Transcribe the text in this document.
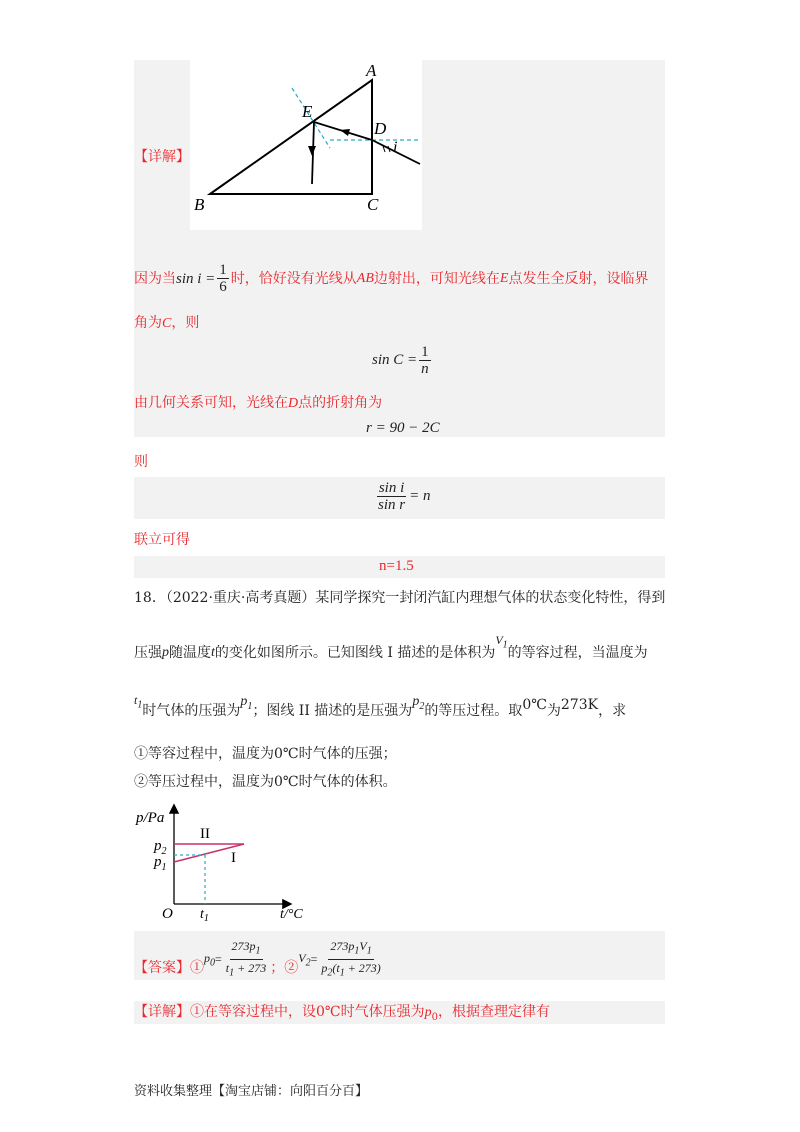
【详解】
A
B	C
D
E
i
因为当 $\sin i = \frac{1}{6}$ 时，恰好没有光线从 AB 边射出，可知光线在 E 点发生全反射，设临界
角为C，则
$\sin C = \frac{1}{n}$
由几何关系可知，光线在D点的折射角为
r = 90 − 2C
则
$\frac{\text{sin i}}{\text{sin r}} = n$
联立可得
n=1.5
18．（2022·重庆·高考真题）某同学探究一封闭汽缸内理想气体的状态变化特性，得到
压强 p 随温度 t 的变化如图所示。已知图线 I 描述的是体积为
$V_1$ 的等容过程，当温度为
$t_1$ 时气体的压强为
$p_1$ ；图线 II 描述的是压强为
$p_2$ 的等压过程。取 0℃ 为 273K ，求
①等容过程中，温度为0℃时气体的压强；
②等压过程中，温度为0℃时气体的体积。
p/Pa
t/°C
O
$p_2$
$p_1$
$t_1$
I
II
【答案】①
$p_0 = \frac{273p_1}{t_1 + 273}$ ；②
$V_2 = \frac{273p_1V_1}{p_2(t_1 + 273)}$
【详解】①在等容过程中，设0℃时气体压强为$p_0$，根据查理定律有
资料收集整理【淘宝店铺：向阳百分百】
